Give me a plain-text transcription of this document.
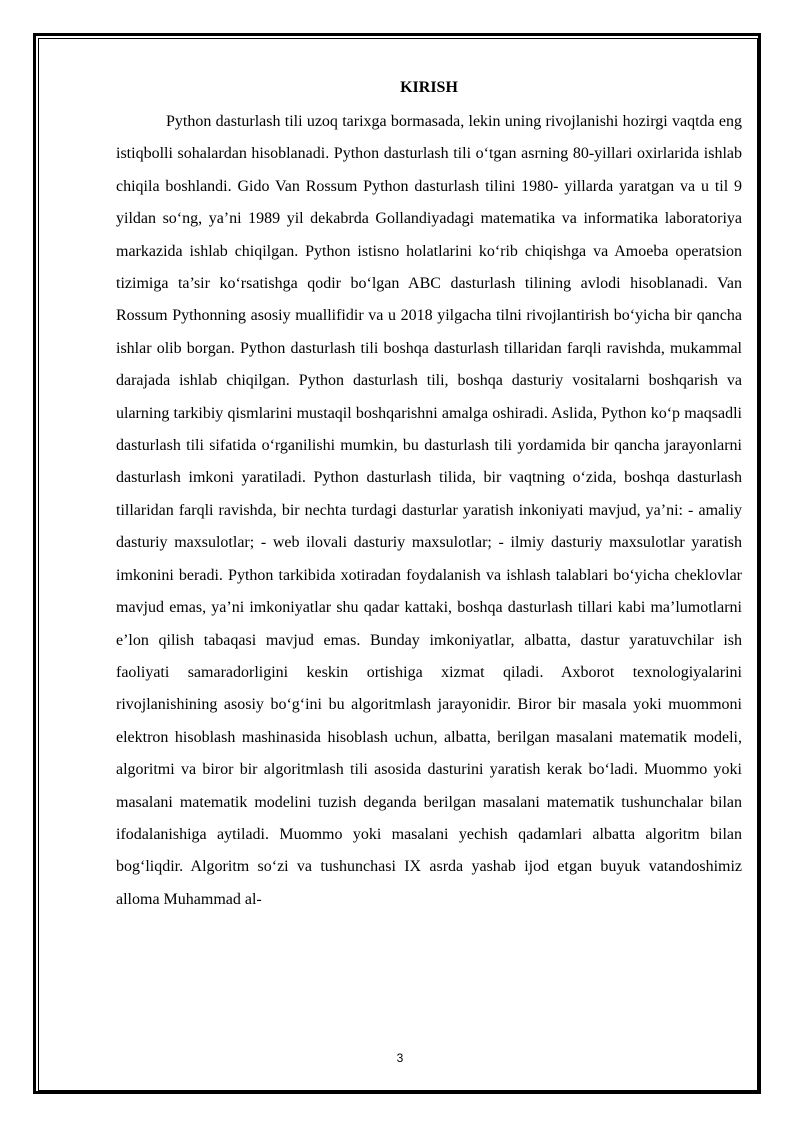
KIRISH

Python dasturlash tili uzoq tarixga bormasada, lekin uning rivojlanishi hozirgi vaqtda eng istiqbolli sohalardan hisoblanadi. Python dasturlash tili o‘tgan asrning 80-yillari oxirlarida ishlab chiqila boshlandi. Gido Van Rossum Python dasturlash tilini 1980- yillarda yaratgan va u til 9 yildan so‘ng, ya’ni 1989 yil dekabrda Gollandiyadagi matematika va informatika laboratoriya markazida ishlab chiqilgan. Python istisno holatlarini ko‘rib chiqishga va Amoeba operatsion tizimiga ta’sir ko‘rsatishga qodir bo‘lgan ABC dasturlash tilining avlodi hisoblanadi. Van Rossum Pythonning asosiy muallifidir va u 2018 yilgacha tilni rivojlantirish bo‘yicha bir qancha ishlar olib borgan. Python dasturlash tili boshqa dasturlash tillaridan farqli ravishda, mukammal darajada ishlab chiqilgan. Python dasturlash tili, boshqa dasturiy vositalarni boshqarish va ularning tarkibiy qismlarini mustaqil boshqarishni amalga oshiradi. Aslida, Python ko‘p maqsadli dasturlash tili sifatida o‘rganilishi mumkin, bu dasturlash tili yordamida bir qancha jarayonlarni dasturlash imkoni yaratiladi. Python dasturlash tilida, bir vaqtning o‘zida, boshqa dasturlash tillaridan farqli ravishda, bir nechta turdagi dasturlar yaratish inkoniyati mavjud, ya’ni: - amaliy dasturiy maxsulotlar; - web ilovali dasturiy maxsulotlar; - ilmiy dasturiy maxsulotlar yaratish imkonini beradi. Python tarkibida xotiradan foydalanish va ishlash talablari bo‘yicha cheklovlar mavjud emas, ya’ni imkoniyatlar shu qadar kattaki, boshqa dasturlash tillari kabi ma’lumotlarni e’lon qilish tabaqasi mavjud emas. Bunday imkoniyatlar, albatta, dastur yaratuvchilar ish faoliyati samaradorligini keskin ortishiga xizmat qiladi. Axborot texnologiyalarini rivojlanishining asosiy bo‘g‘ini bu algoritmlash jarayonidir. Biror bir masala yoki muommoni elektron hisoblash mashinasida hisoblash uchun, albatta, berilgan masalani matematik modeli, algoritmi va biror bir algoritmlash tili asosida dasturini yaratish kerak bo‘ladi. Muommo yoki masalani matematik modelini tuzish deganda berilgan masalani matematik tushunchalar bilan ifodalanishiga aytiladi. Muommo yoki masalani yechish qadamlari albatta algoritm bilan bog‘liqdir. Algoritm so‘zi va tushunchasi IX asrda yashab ijod etgan buyuk vatandoshimiz alloma Muhammad al-

3
